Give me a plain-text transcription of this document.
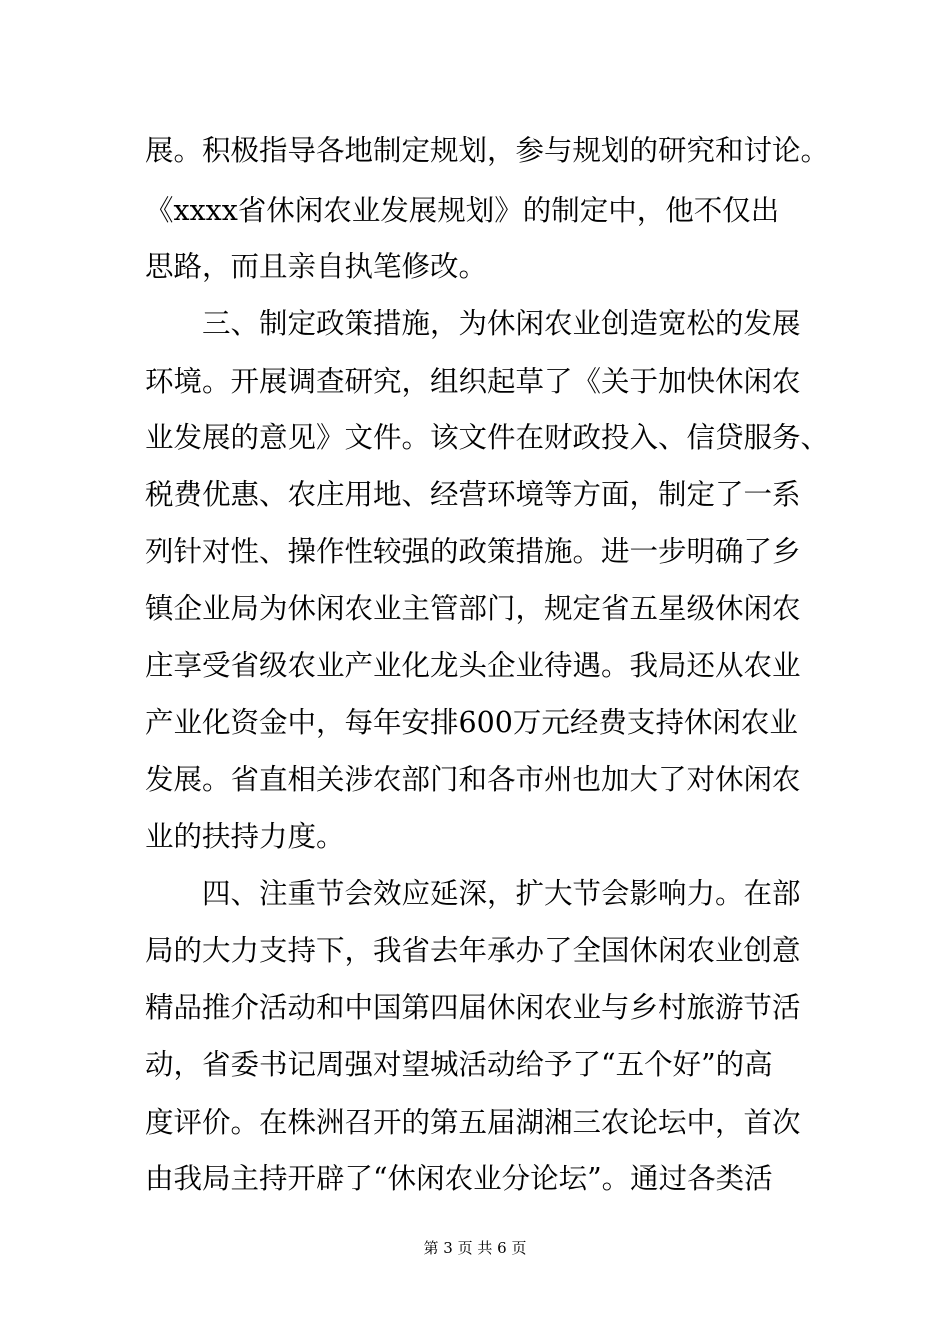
展。积极指导各地制定规划，参与规划的研究和讨论。

《xxxx省休闲农业发展规划》的制定中，他不仅出

思路，而且亲自执笔修改。

　　三、制定政策措施，为休闲农业创造宽松的发展

环境。开展调查研究，组织起草了《关于加快休闲农

业发展的意见》文件。该文件在财政投入、信贷服务、

税费优惠、农庄用地、经营环境等方面，制定了一系

列针对性、操作性较强的政策措施。进一步明确了乡

镇企业局为休闲农业主管部门，规定省五星级休闲农

庄享受省级农业产业化龙头企业待遇。我局还从农业

产业化资金中，每年安排600万元经费支持休闲农业

发展。省直相关涉农部门和各市州也加大了对休闲农

业的扶持力度。

　　四、注重节会效应延深，扩大节会影响力。在部

局的大力支持下，我省去年承办了全国休闲农业创意

精品推介活动和中国第四届休闲农业与乡村旅游节活

动，省委书记周强对望城活动给予了“五个好”的高

度评价。在株洲召开的第五届湖湘三农论坛中，首次

由我局主持开辟了“休闲农业分论坛”。通过各类活

第 3 页 共 6 页
